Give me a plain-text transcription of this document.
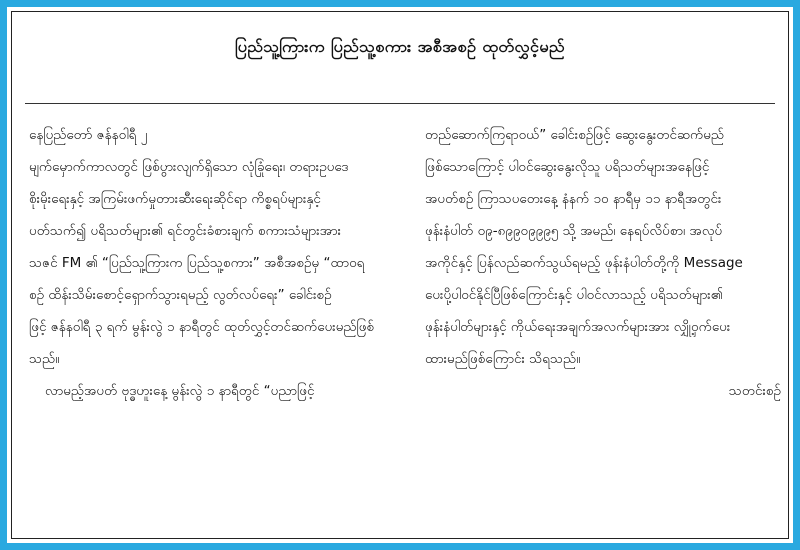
ပြည်သူ့ကြားက ပြည်သူ့စကား အစီအစဉ် ထုတ်လွှင့်မည်
နေပြည်တော် ဇန်နဝါရီ ၂
မျက်မှောက်ကာလတွင် ဖြစ်ပွားလျက်ရှိသော လုံခြုံရေး၊ တရားဥပဒေ
စိုးမိုးရေးနှင့် အကြမ်းဖက်မှုတားဆီးရေးဆိုင်ရာ ကိစ္စရပ်များနှင့်
ပတ်သက်၍ ပရိသတ်များ၏ ရင်တွင်းခံစားချက် စကားသံများအား
သဇင် FM ၏ “ပြည်သူ့ကြားက ပြည်သူ့စကား” အစီအစဉ်မှ “ထာဝရ
စဉ် ထိန်းသိမ်းစောင့်ရှောက်သွားရမည့် လွတ်လပ်ရေး” ခေါင်းစဉ်
ဖြင့် ဇန်နဝါရီ ၃ ရက် မွန်းလွဲ ၁ နာရီတွင် ထုတ်လွှင့်တင်ဆက်ပေးမည်ဖြစ်
သည်။
လာမည့်အပတ် ဗုဒ္ဓဟူးနေ့ မွန်းလွဲ ၁ နာရီတွင် “ပညာဖြင့်
တည်ဆောက်ကြရာဝယ်” ခေါင်းစဉ်ဖြင့် ဆွေးနွေးတင်ဆက်မည်
ဖြစ်သောကြောင့် ပါဝင်ဆွေးနွေးလိုသူ ပရိသတ်များအနေဖြင့်
အပတ်စဉ် ကြာသပတေးနေ့ နံနက် ၁၀ နာရီမှ ၁၁ နာရီအတွင်း
ဖုန်းနံပါတ် ၀၉-၈၉၉၀၉၉၉၅ သို့ အမည်၊ နေရပ်လိပ်စာ၊ အလုပ်
အကိုင်နှင့် ပြန်လည်ဆက်သွယ်ရမည့် ဖုန်းနံပါတ်တို့ကို Message
ပေးပို့ပါဝင်နိုင်ပြီဖြစ်ကြောင်းနှင့် ပါဝင်လာသည့် ပရိသတ်များ၏
ဖုန်းနံပါတ်များနှင့် ကိုယ်ရေးအချက်အလက်များအား လျှို့ဝှက်ပေး
ထားမည်ဖြစ်ကြောင်း သိရသည်။
သတင်းစဉ်
